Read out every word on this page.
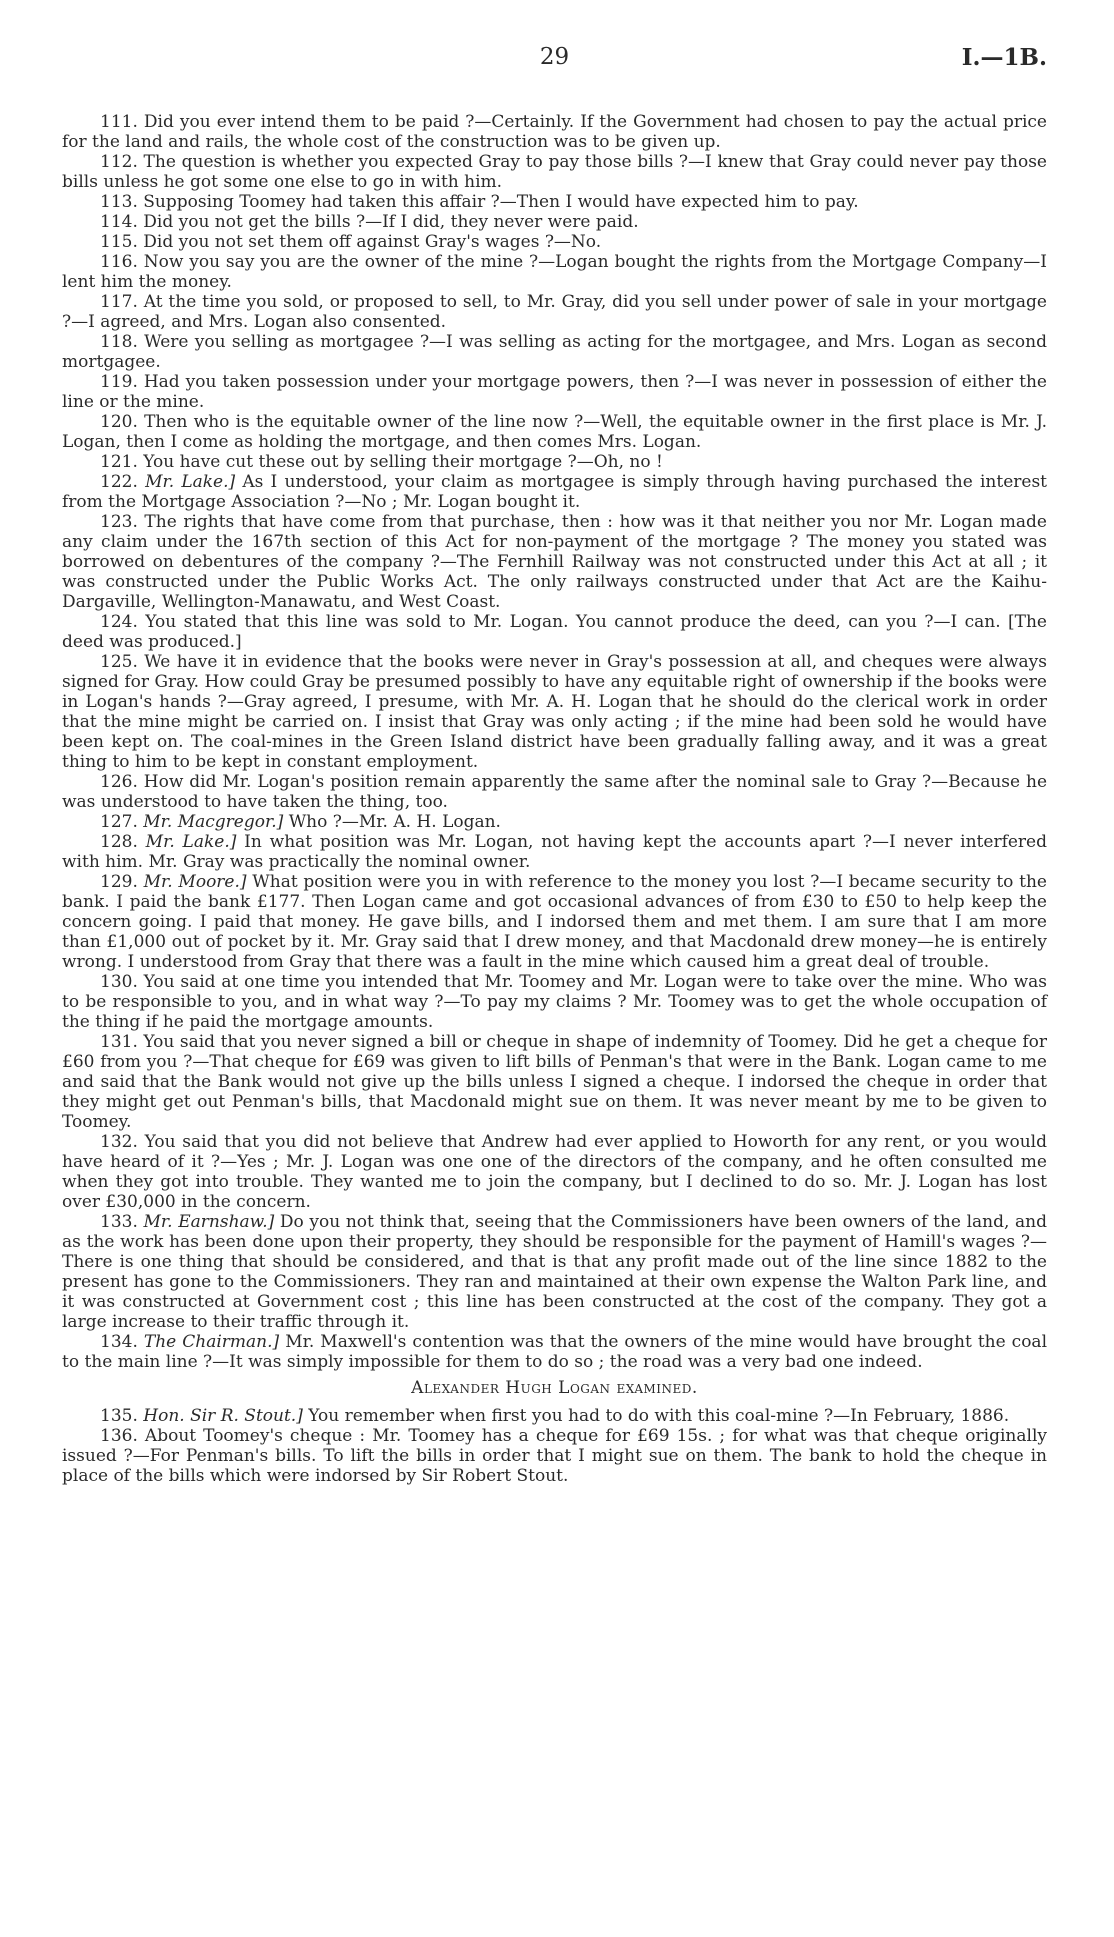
29	I.—1B.

111. Did you ever intend them to be paid ?—Certainly. If the Government had chosen to pay the actual price for the land and rails, the whole cost of the construction was to be given up.

112. The question is whether you expected Gray to pay those bills ?—I knew that Gray could never pay those bills unless he got some one else to go in with him.

113. Supposing Toomey had taken this affair ?—Then I would have expected him to pay.

114. Did you not get the bills ?—If I did, they never were paid.

115. Did you not set them off against Gray's wages ?—No.

116. Now you say you are the owner of the mine ?—Logan bought the rights from the Mortgage Company—I lent him the money.

117. At the time you sold, or proposed to sell, to Mr. Gray, did you sell under power of sale in your mortgage ?—I agreed, and Mrs. Logan also consented.

118. Were you selling as mortgagee ?—I was selling as acting for the mortgagee, and Mrs. Logan as second mortgagee.

119. Had you taken possession under your mortgage powers, then ?—I was never in possession of either the line or the mine.

120. Then who is the equitable owner of the line now ?—Well, the equitable owner in the first place is Mr. J. Logan, then I come as holding the mortgage, and then comes Mrs. Logan.

121. You have cut these out by selling their mortgage ?—Oh, no !

122. Mr. Lake.] As I understood, your claim as mortgagee is simply through having purchased the interest from the Mortgage Association ?—No ; Mr. Logan bought it.

123. The rights that have come from that purchase, then : how was it that neither you nor Mr. Logan made any claim under the 167th section of this Act for non-payment of the mortgage ? The money you stated was borrowed on debentures of the company ?—The Fernhill Railway was not constructed under this Act at all ; it was constructed under the Public Works Act. The only railways constructed under that Act are the Kaihu-Dargaville, Wellington-Manawatu, and West Coast.

124. You stated that this line was sold to Mr. Logan. You cannot produce the deed, can you ?—I can. [The deed was produced.]

125. We have it in evidence that the books were never in Gray's possession at all, and cheques were always signed for Gray. How could Gray be presumed possibly to have any equitable right of ownership if the books were in Logan's hands ?—Gray agreed, I presume, with Mr. A. H. Logan that he should do the clerical work in order that the mine might be carried on. I insist that Gray was only acting ; if the mine had been sold he would have been kept on. The coal-mines in the Green Island district have been gradually falling away, and it was a great thing to him to be kept in constant employment.

126. How did Mr. Logan's position remain apparently the same after the nominal sale to Gray ?—Because he was understood to have taken the thing, too.

127. Mr. Macgregor.] Who ?—Mr. A. H. Logan.

128. Mr. Lake.] In what position was Mr. Logan, not having kept the accounts apart ?—I never interfered with him. Mr. Gray was practically the nominal owner.

129. Mr. Moore.] What position were you in with reference to the money you lost ?—I became security to the bank. I paid the bank £177. Then Logan came and got occasional advances of from £30 to £50 to help keep the concern going. I paid that money. He gave bills, and I indorsed them and met them. I am sure that I am more than £1,000 out of pocket by it. Mr. Gray said that I drew money, and that Macdonald drew money—he is entirely wrong. I understood from Gray that there was a fault in the mine which caused him a great deal of trouble.

130. You said at one time you intended that Mr. Toomey and Mr. Logan were to take over the mine. Who was to be responsible to you, and in what way ?—To pay my claims ? Mr. Toomey was to get the whole occupation of the thing if he paid the mortgage amounts.

131. You said that you never signed a bill or cheque in shape of indemnity of Toomey. Did he get a cheque for £60 from you ?—That cheque for £69 was given to lift bills of Penman's that were in the Bank. Logan came to me and said that the Bank would not give up the bills unless I signed a cheque. I indorsed the cheque in order that they might get out Penman's bills, that Macdonald might sue on them. It was never meant by me to be given to Toomey.

132. You said that you did not believe that Andrew had ever applied to Howorth for any rent, or you would have heard of it ?—Yes ; Mr. J. Logan was one one of the directors of the company, and he often consulted me when they got into trouble. They wanted me to join the company, but I declined to do so. Mr. J. Logan has lost over £30,000 in the concern.

133. Mr. Earnshaw.] Do you not think that, seeing that the Commissioners have been owners of the land, and as the work has been done upon their property, they should be responsible for the payment of Hamill's wages ?—There is one thing that should be considered, and that is that any profit made out of the line since 1882 to the present has gone to the Commissioners. They ran and maintained at their own expense the Walton Park line, and it was constructed at Government cost ; this line has been constructed at the cost of the company. They got a large increase to their traffic through it.

134. The Chairman.] Mr. Maxwell's contention was that the owners of the mine would have brought the coal to the main line ?—It was simply impossible for them to do so ; the road was a very bad one indeed.

Alexander Hugh Logan examined.

135. Hon. Sir R. Stout.] You remember when first you had to do with this coal-mine ?—In February, 1886.

136. About Toomey's cheque : Mr. Toomey has a cheque for £69 15s. ; for what was that cheque originally issued ?—For Penman's bills. To lift the bills in order that I might sue on them. The bank to hold the cheque in place of the bills which were indorsed by Sir Robert Stout.
